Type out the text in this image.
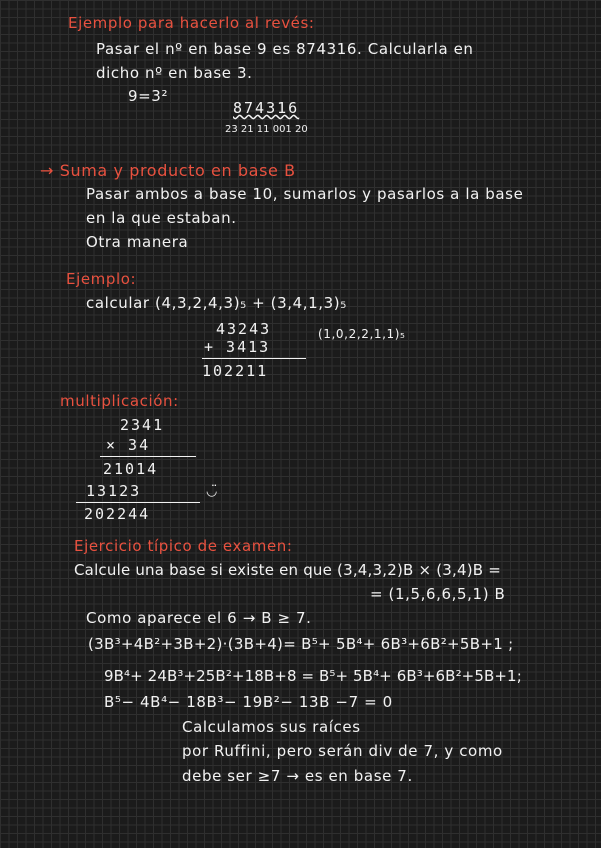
Ejemplo para hacerlo al revés:
Pasar el nº en base 9 es 874316. Calcularla en
dicho nº en base 3.
9=3²
874316
23 21 11 001 20
→ Suma y producto en base B
Pasar ambos a base 10, sumarlos y pasarlos a la base
en la que estaban.
Otra manera
Ejemplo:
calcular (4,3,2,4,3)₅ + (3,4,1,3)₅
43243
+ 3413
(1,0,2,2,1,1)₅
102211
multiplicación:
2341
× 34
21014
13123	◡̈
202244
Ejercicio típico de examen:
Calcule una base si existe en que (3,4,3,2)B × (3,4)B =
= (1,5,6,6,5,1) B
Como aparece el 6 → B ≥ 7.
(3B³+4B²+3B+2)·(3B+4)= B⁵+ 5B⁴+ 6B³+6B²+5B+1 ;
9B⁴+ 24B³+25B²+18B+8 = B⁵+ 5B⁴+ 6B³+6B²+5B+1;
B⁵− 4B⁴− 18B³− 19B²− 13B −7 = 0
Calculamos sus raíces
por Ruffini, pero serán div de 7, y como
debe ser ≥7 → es en base 7.
